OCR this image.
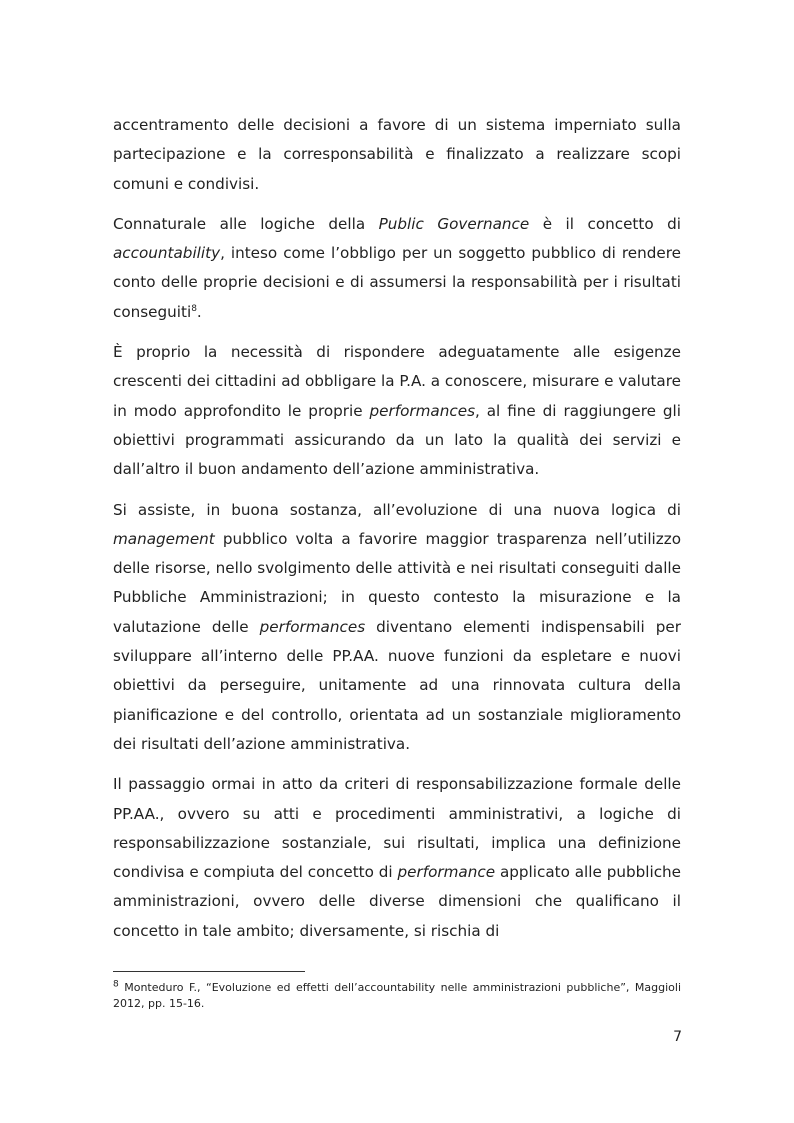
accentramento delle decisioni a favore di un sistema imperniato sulla partecipazione e la corresponsabilità e finalizzato a realizzare scopi comuni e condivisi.

Connaturale alle logiche della Public Governance è il concetto di accountability, inteso come l’obbligo per un soggetto pubblico di rendere conto delle proprie decisioni e di assumersi la responsabilità per i risultati conseguiti$^8$.

È proprio la necessità di rispondere adeguatamente alle esigenze crescenti dei cittadini ad obbligare la P.A. a conoscere, misurare e valutare in modo approfondito le proprie performances, al fine di raggiungere gli obiettivi programmati assicurando da un lato la qualità dei servizi e dall’altro il buon andamento dell’azione amministrativa.

Si assiste, in buona sostanza, all’evoluzione di una nuova logica di management pubblico volta a favorire maggior trasparenza nell’utilizzo delle risorse, nello svolgimento delle attività e nei risultati conseguiti dalle Pubbliche Amministrazioni; in questo contesto la misurazione e la valutazione delle performances diventano elementi indispensabili per sviluppare all’interno delle PP.AA. nuove funzioni da espletare e nuovi obiettivi da perseguire, unitamente ad una rinnovata cultura della pianificazione e del controllo, orientata ad un sostanziale miglioramento dei risultati dell’azione amministrativa.

Il passaggio ormai in atto da criteri di responsabilizzazione formale delle PP.AA., ovvero su atti e procedimenti amministrativi, a logiche di responsabilizzazione sostanziale, sui risultati, implica una definizione condivisa e compiuta del concetto di performance applicato alle pubbliche amministrazioni, ovvero delle diverse dimensioni che qualificano il concetto in tale ambito; diversamente, si rischia di

$^8$ Monteduro F., “Evoluzione ed effetti dell’accountability nelle amministrazioni pubbliche”, Maggioli 2012, pp. 15-16.

7
